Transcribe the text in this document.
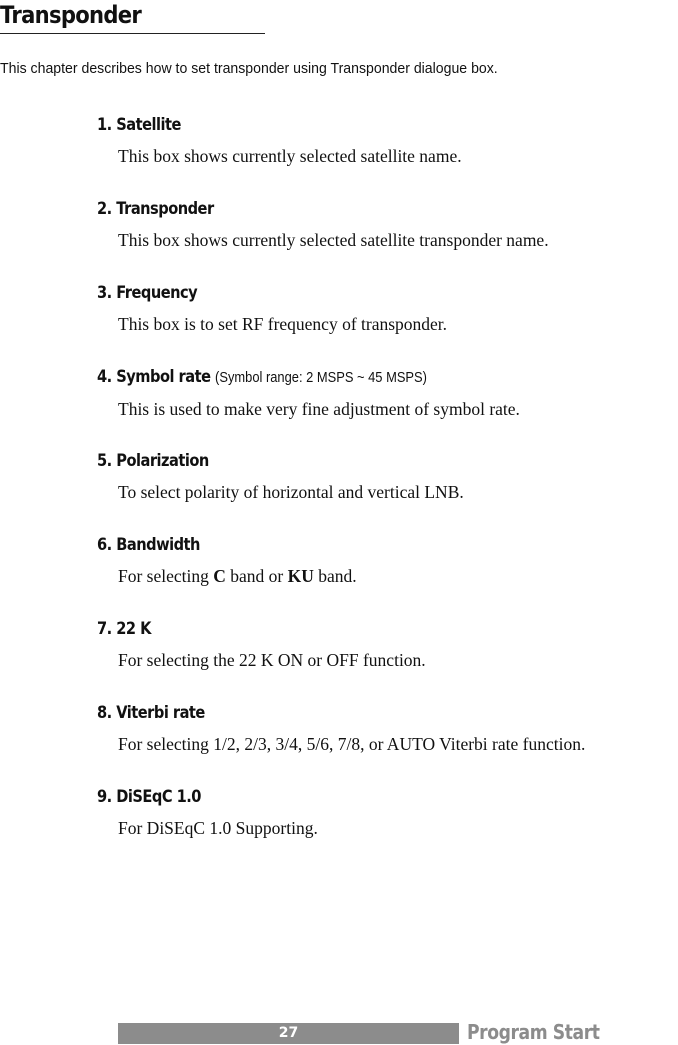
Transponder
This chapter describes how to set transponder using Transponder dialogue box.
1. Satellite
This box shows currently selected satellite name.
2. Transponder
This box shows currently selected satellite transponder name.
3. Frequency
This box is to set RF frequency of transponder.
4. Symbol rate (Symbol range: 2 MSPS ~ 45 MSPS)
This is used to make very fine adjustment of symbol rate.
5. Polarization
To select polarity of horizontal and vertical LNB.
6. Bandwidth
For selecting C band or KU band.
7. 22 K
For selecting the 22 K ON or OFF function.
8. Viterbi rate
For selecting 1/2, 2/3, 3/4, 5/6, 7/8, or AUTO Viterbi rate function.
9. DiSEqC 1.0
For DiSEqC 1.0 Supporting.
27	Program Start
